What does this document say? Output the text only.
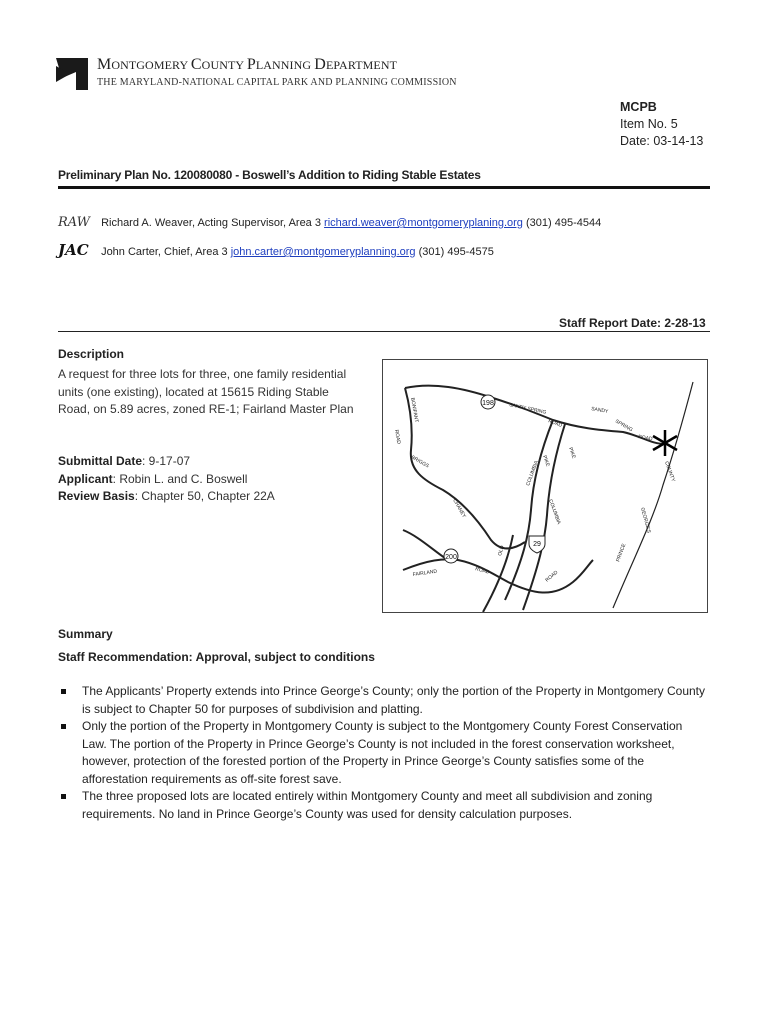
MONTGOMERY COUNTY PLANNING DEPARTMENT
THE MARYLAND-NATIONAL CAPITAL PARK AND PLANNING COMMISSION
MCPB
Item No. 5
Date: 03-14-13
Preliminary Plan No. 120080080 - Boswell’s Addition to Riding Stable Estates
RAW Richard A. Weaver, Acting Supervisor, Area 3 richard.weaver@montgomeryplaning.org (301) 495-4544
JAC John Carter, Chief, Area 3 john.carter@montgomeryplanning.org (301) 495-4575
Staff Report Date: 2-28-13
Description
A request for three lots for three, one family residential units (one existing), located at 15615 Riding Stable Road, on 5.89 acres, zoned RE-1; Fairland Master Plan
Submittal Date: 9-17-07
Applicant: Robin L. and C. Boswell
Review Basis: Chapter 50, Chapter 22A
198
29
200
SANDY SPRING
ROAD
SANDY
SPRING
ROAD
BONIFANT
ROAD
BRIGGS
CHANEY
PIKE
PIKE
COLUMBIA
COLUMBIA
OLD
FAIRLAND	ROAD	ROAD
COUNTY
GEORGE'S
PRINCE
Summary
Staff Recommendation: Approval, subject to conditions
The Applicants’ Property extends into Prince George’s County; only the portion of the Property in Montgomery County is subject to Chapter 50 for purposes of subdivision and platting.
Only the portion of the Property in Montgomery County is subject to the Montgomery County Forest Conservation Law. The portion of the Property in Prince George’s County is not included in the forest conservation worksheet, however, protection of the forested portion of the Property in Prince George’s County satisfies some of the afforestation requirements as off-site forest save.
The three proposed lots are located entirely within Montgomery County and meet all subdivision and zoning requirements. No land in Prince George’s County was used for density calculation purposes.
